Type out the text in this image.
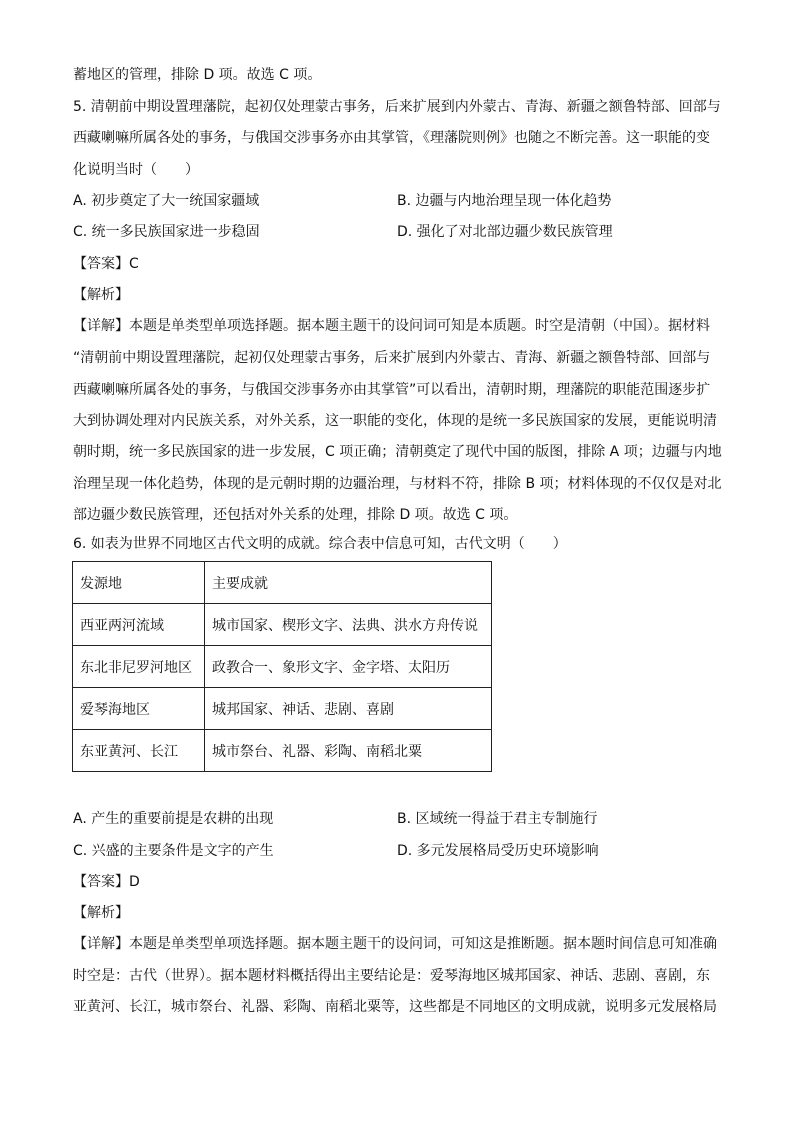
蓄地区的管理，排除 D 项。故选 C 项。
5. 清朝前中期设置理藩院，起初仅处理蒙古事务，后来扩展到内外蒙古、青海、新疆之额鲁特部、回部与
西藏喇嘛所属各处的事务，与俄国交涉事务亦由其掌管，《理藩院则例》也随之不断完善。这一职能的变
化说明当时（　　）
A. 初步奠定了大一统国家疆域	B. 边疆与内地治理呈现一体化趋势
C. 统一多民族国家进一步稳固	D. 强化了对北部边疆少数民族管理
【答案】C
【解析】
【详解】本题是单类型单项选择题。据本题主题干的设问词可知是本质题。时空是清朝（中国）。据材料
“清朝前中期设置理藩院，起初仅处理蒙古事务，后来扩展到内外蒙古、青海、新疆之额鲁特部、回部与
西藏喇嘛所属各处的事务，与俄国交涉事务亦由其掌管”可以看出，清朝时期，理藩院的职能范围逐步扩
大到协调处理对内民族关系，对外关系，这一职能的变化，体现的是统一多民族国家的发展，更能说明清
朝时期，统一多民族国家的进一步发展，C 项正确；清朝奠定了现代中国的版图，排除 A 项；边疆与内地
治理呈现一体化趋势，体现的是元朝时期的边疆治理，与材料不符，排除 B 项；材料体现的不仅仅是对北
部边疆少数民族管理，还包括对外关系的处理，排除 D 项。故选 C 项。
6. 如表为世界不同地区古代文明的成就。综合表中信息可知，古代文明（　　）
发源地	主要成就
西亚两河流域	城市国家、楔形文字、法典、洪水方舟传说
东北非尼罗河地区	政教合一、象形文字、金字塔、太阳历
爱琴海地区	城邦国家、神话、悲剧、喜剧
东亚黄河、长江	城市祭台、礼器、彩陶、南稻北粟
A. 产生的重要前提是农耕的出现	B. 区域统一得益于君主专制施行
C. 兴盛的主要条件是文字的产生	D. 多元发展格局受历史环境影响
【答案】D
【解析】
【详解】本题是单类型单项选择题。据本题主题干的设问词，可知这是推断题。据本题时间信息可知准确
时空是：古代（世界）。据本题材料概括得出主要结论是：爱琴海地区城邦国家、神话、悲剧、喜剧，东
亚黄河、长江，城市祭台、礼器、彩陶、南稻北粟等，这些都是不同地区的文明成就，说明多元发展格局
